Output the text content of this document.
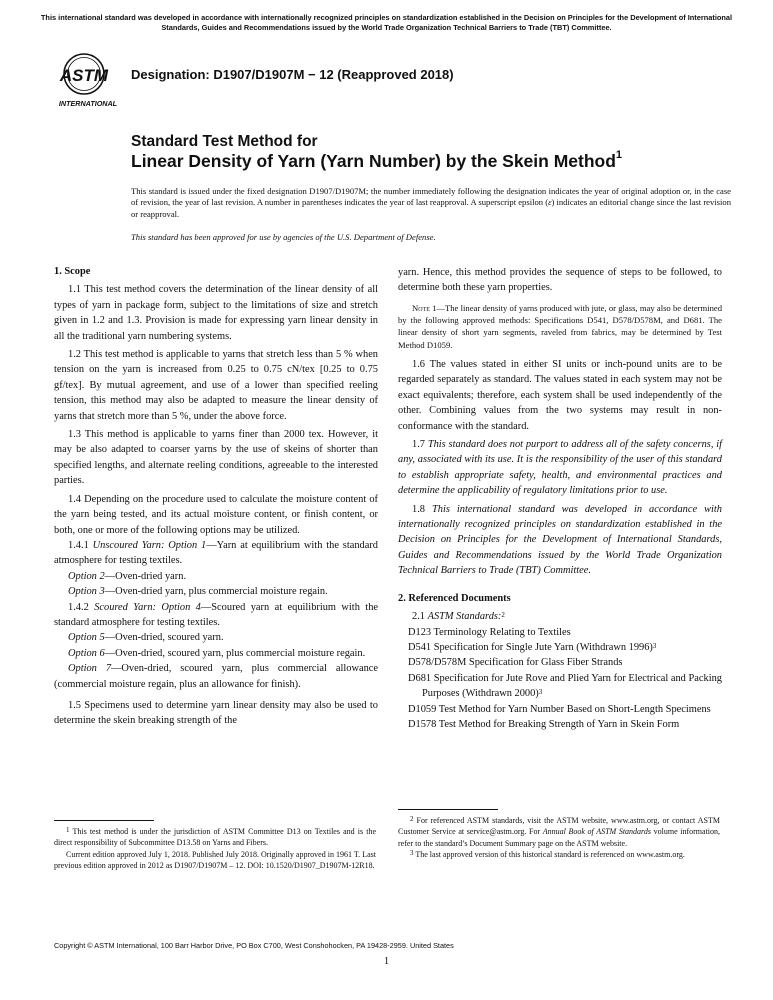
This international standard was developed in accordance with internationally recognized principles on standardization established in the Decision on Principles for the Development of International Standards, Guides and Recommendations issued by the World Trade Organization Technical Barriers to Trade (TBT) Committee.
ASTM
INTERNATIONAL
Designation: D1907/D1907M − 12 (Reapproved 2018)
Standard Test Method for
Linear Density of Yarn (Yarn Number) by the Skein Method$^1$
This standard is issued under the fixed designation D1907/D1907M; the number immediately following the designation indicates the year of original adoption or, in the case of revision, the year of last revision. A number in parentheses indicates the year of last reapproval. A superscript epsilon (ε) indicates an editorial change since the last revision or reapproval.
This standard has been approved for use by agencies of the U.S. Department of Defense.

1. Scope

1.1 This test method covers the determination of the linear density of all types of yarn in package form, subject to the limitations of size and stretch given in 1.2 and 1.3. Provision is made for expressing yarn linear density in all the traditional yarn numbering systems.

1.2 This test method is applicable to yarns that stretch less than 5 % when tension on the yarn is increased from 0.25 to 0.75 cN/tex [0.25 to 0.75 gf/tex]. By mutual agreement, and use of a lower than specified reeling tension, this method may also be adapted to measure the linear density of yarns that stretch more than 5 %, under the above force.

1.3 This method is applicable to yarns finer than 2000 tex. However, it may be also adapted to coarser yarns by the use of skeins of shorter than specified lengths, and alternate reeling conditions, agreeable to the interested parties.

1.4 Depending on the procedure used to calculate the moisture content of the yarn being tested, and its actual moisture content, or finish content, or both, one or more of the following options may be utilized.

1.4.1 Unscoured Yarn: Option 1—Yarn at equilibrium with the standard atmosphere for testing textiles.

Option 2—Oven-dried yarn.

Option 3—Oven-dried yarn, plus commercial moisture regain.

1.4.2 Scoured Yarn: Option 4—Scoured yarn at equilibrium with the standard atmosphere for testing textiles.

Option 5—Oven-dried, scoured yarn.

Option 6—Oven-dried, scoured yarn, plus commercial moisture regain.

Option 7—Oven-dried, scoured yarn, plus commercial allowance (commercial moisture regain, plus an allowance for finish).

1.5 Specimens used to determine yarn linear density may also be used to determine the skein breaking strength of the

yarn. Hence, this method provides the sequence of steps to be followed, to determine both these yarn properties.

Note 1—The linear density of yarns produced with jute, or glass, may also be determined by the following approved methods: Specifications D541, D578/D578M, and D681. The linear density of short yarn segments, raveled from fabrics, may be determined by Test Method D1059.

1.6 The values stated in either SI units or inch-pound units are to be regarded separately as standard. The values stated in each system may not be exact equivalents; therefore, each system shall be used independently of the other. Combining values from the two systems may result in non-conformance with the standard.

1.7 This standard does not purport to address all of the safety concerns, if any, associated with its use. It is the responsibility of the user of this standard to establish appropriate safety, health, and environmental practices and determine the applicability of regulatory limitations prior to use.

1.8 This international standard was developed in accordance with internationally recognized principles on standardization established in the Decision on Principles for the Development of International Standards, Guides and Recommendations issued by the World Trade Organization Technical Barriers to Trade (TBT) Committee.

2. Referenced Documents

2.1 ASTM Standards:$^2$

D123 Terminology Relating to Textiles

D541 Specification for Single Jute Yarn (Withdrawn 1996)$^3$

D578/D578M Specification for Glass Fiber Strands

D681 Specification for Jute Rove and Plied Yarn for Electrical and Packing Purposes (Withdrawn 2000)$^3$

D1059 Test Method for Yarn Number Based on Short-Length Specimens

D1578 Test Method for Breaking Strength of Yarn in Skein Form

$^1$ This test method is under the jurisdiction of ASTM Committee D13 on Textiles and is the direct responsibility of Subcommittee D13.58 on Yarns and Fibers.

Current edition approved July 1, 2018. Published July 2018. Originally approved in 1961 T. Last previous edition approved in 2012 as D1907/D1907M – 12. DOI: 10.1520/D1907_D1907M-12R18.

$^2$ For referenced ASTM standards, visit the ASTM website, www.astm.org, or contact ASTM Customer Service at service@astm.org. For Annual Book of ASTM Standards volume information, refer to the standard’s Document Summary page on the ASTM website.

$^3$ The last approved version of this historical standard is referenced on www.astm.org.

Copyright © ASTM International, 100 Barr Harbor Drive, PO Box C700, West Conshohocken, PA 19428-2959. United States
1
